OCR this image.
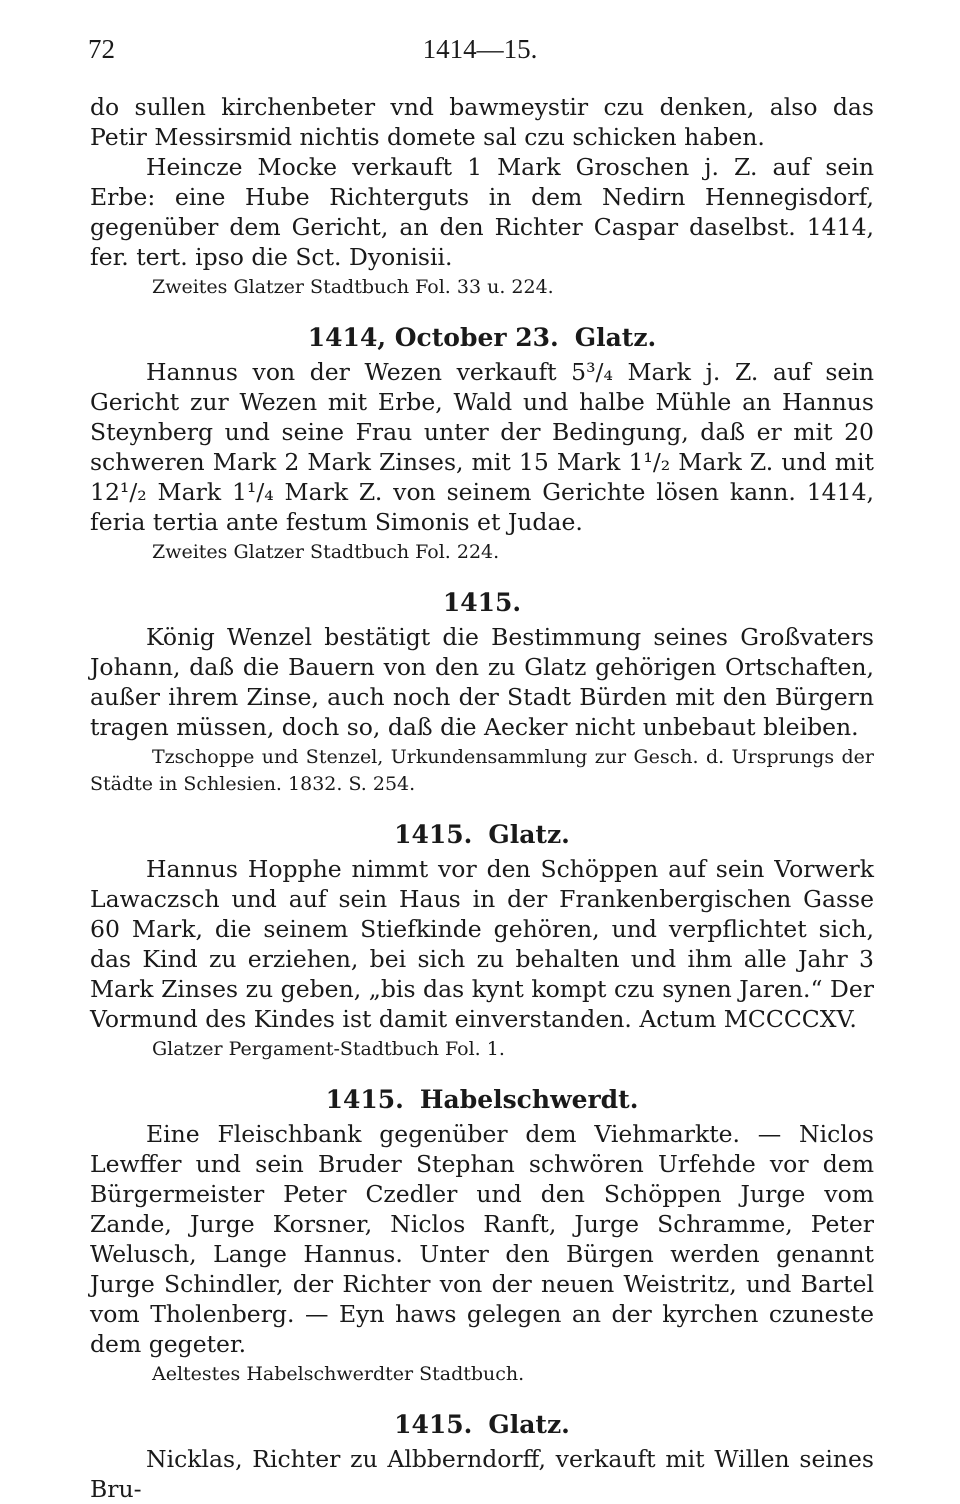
72	1414—15.

do sullen kirchenbeter vnd bawmeystir czu denken, also das Petir Messirsmid nichtis domete sal czu schicken haben.

Heincze Mocke verkauft 1 Mark Groschen j. Z. auf sein Erbe: eine Hube Richterguts in dem Nedirn Hennegisdorf, gegenüber dem Gericht, an den Richter Caspar daselbst. 1414, fer. tert. ipso die Sct. Dyonisii.

Zweites Glatzer Stadtbuch Fol. 33 u. 224.

1414, October 23. Glatz.

Hannus von der Wezen verkauft 5³/₄ Mark j. Z. auf sein Gericht zur Wezen mit Erbe, Wald und halbe Mühle an Hannus Steynberg und seine Frau unter der Bedingung, daß er mit 20 schweren Mark 2 Mark Zinses, mit 15 Mark 1¹/₂ Mark Z. und mit 12¹/₂ Mark 1¹/₄ Mark Z. von seinem Gerichte lösen kann. 1414, feria tertia ante festum Simonis et Judae.

Zweites Glatzer Stadtbuch Fol. 224.

1415.

König Wenzel bestätigt die Bestimmung seines Großvaters Johann, daß die Bauern von den zu Glatz gehörigen Ortschaften, außer ihrem Zinse, auch noch der Stadt Bürden mit den Bürgern tragen müssen, doch so, daß die Aecker nicht unbebaut bleiben.

Tzschoppe und Stenzel, Urkundensammlung zur Gesch. d. Ursprungs der Städte in Schlesien. 1832. S. 254.

1415. Glatz.

Hannus Hopphe nimmt vor den Schöppen auf sein Vorwerk Lawaczsch und auf sein Haus in der Frankenbergischen Gasse 60 Mark, die seinem Stiefkinde gehören, und verpflichtet sich, das Kind zu erziehen, bei sich zu behalten und ihm alle Jahr 3 Mark Zinses zu geben, „bis das kynt kompt czu synen Jaren.“ Der Vormund des Kindes ist damit einverstanden. Actum MCCCCXV.

Glatzer Pergament-Stadtbuch Fol. 1.

1415. Habelschwerdt.

Eine Fleischbank gegenüber dem Viehmarkte. — Niclos Lewffer und sein Bruder Stephan schwören Urfehde vor dem Bürgermeister Peter Czedler und den Schöppen Jurge vom Zande, Jurge Korsner, Niclos Ranft, Jurge Schramme, Peter Welusch, Lange Hannus. Unter den Bürgen werden genannt Jurge Schindler, der Richter von der neuen Weistritz, und Bartel vom Tholenberg. — Eyn haws gelegen an der kyrchen czuneste dem gegeter.

Aeltestes Habelschwerdter Stadtbuch.

1415. Glatz.

Nicklas, Richter zu Albberndorff, verkauft mit Willen seines Bru-
